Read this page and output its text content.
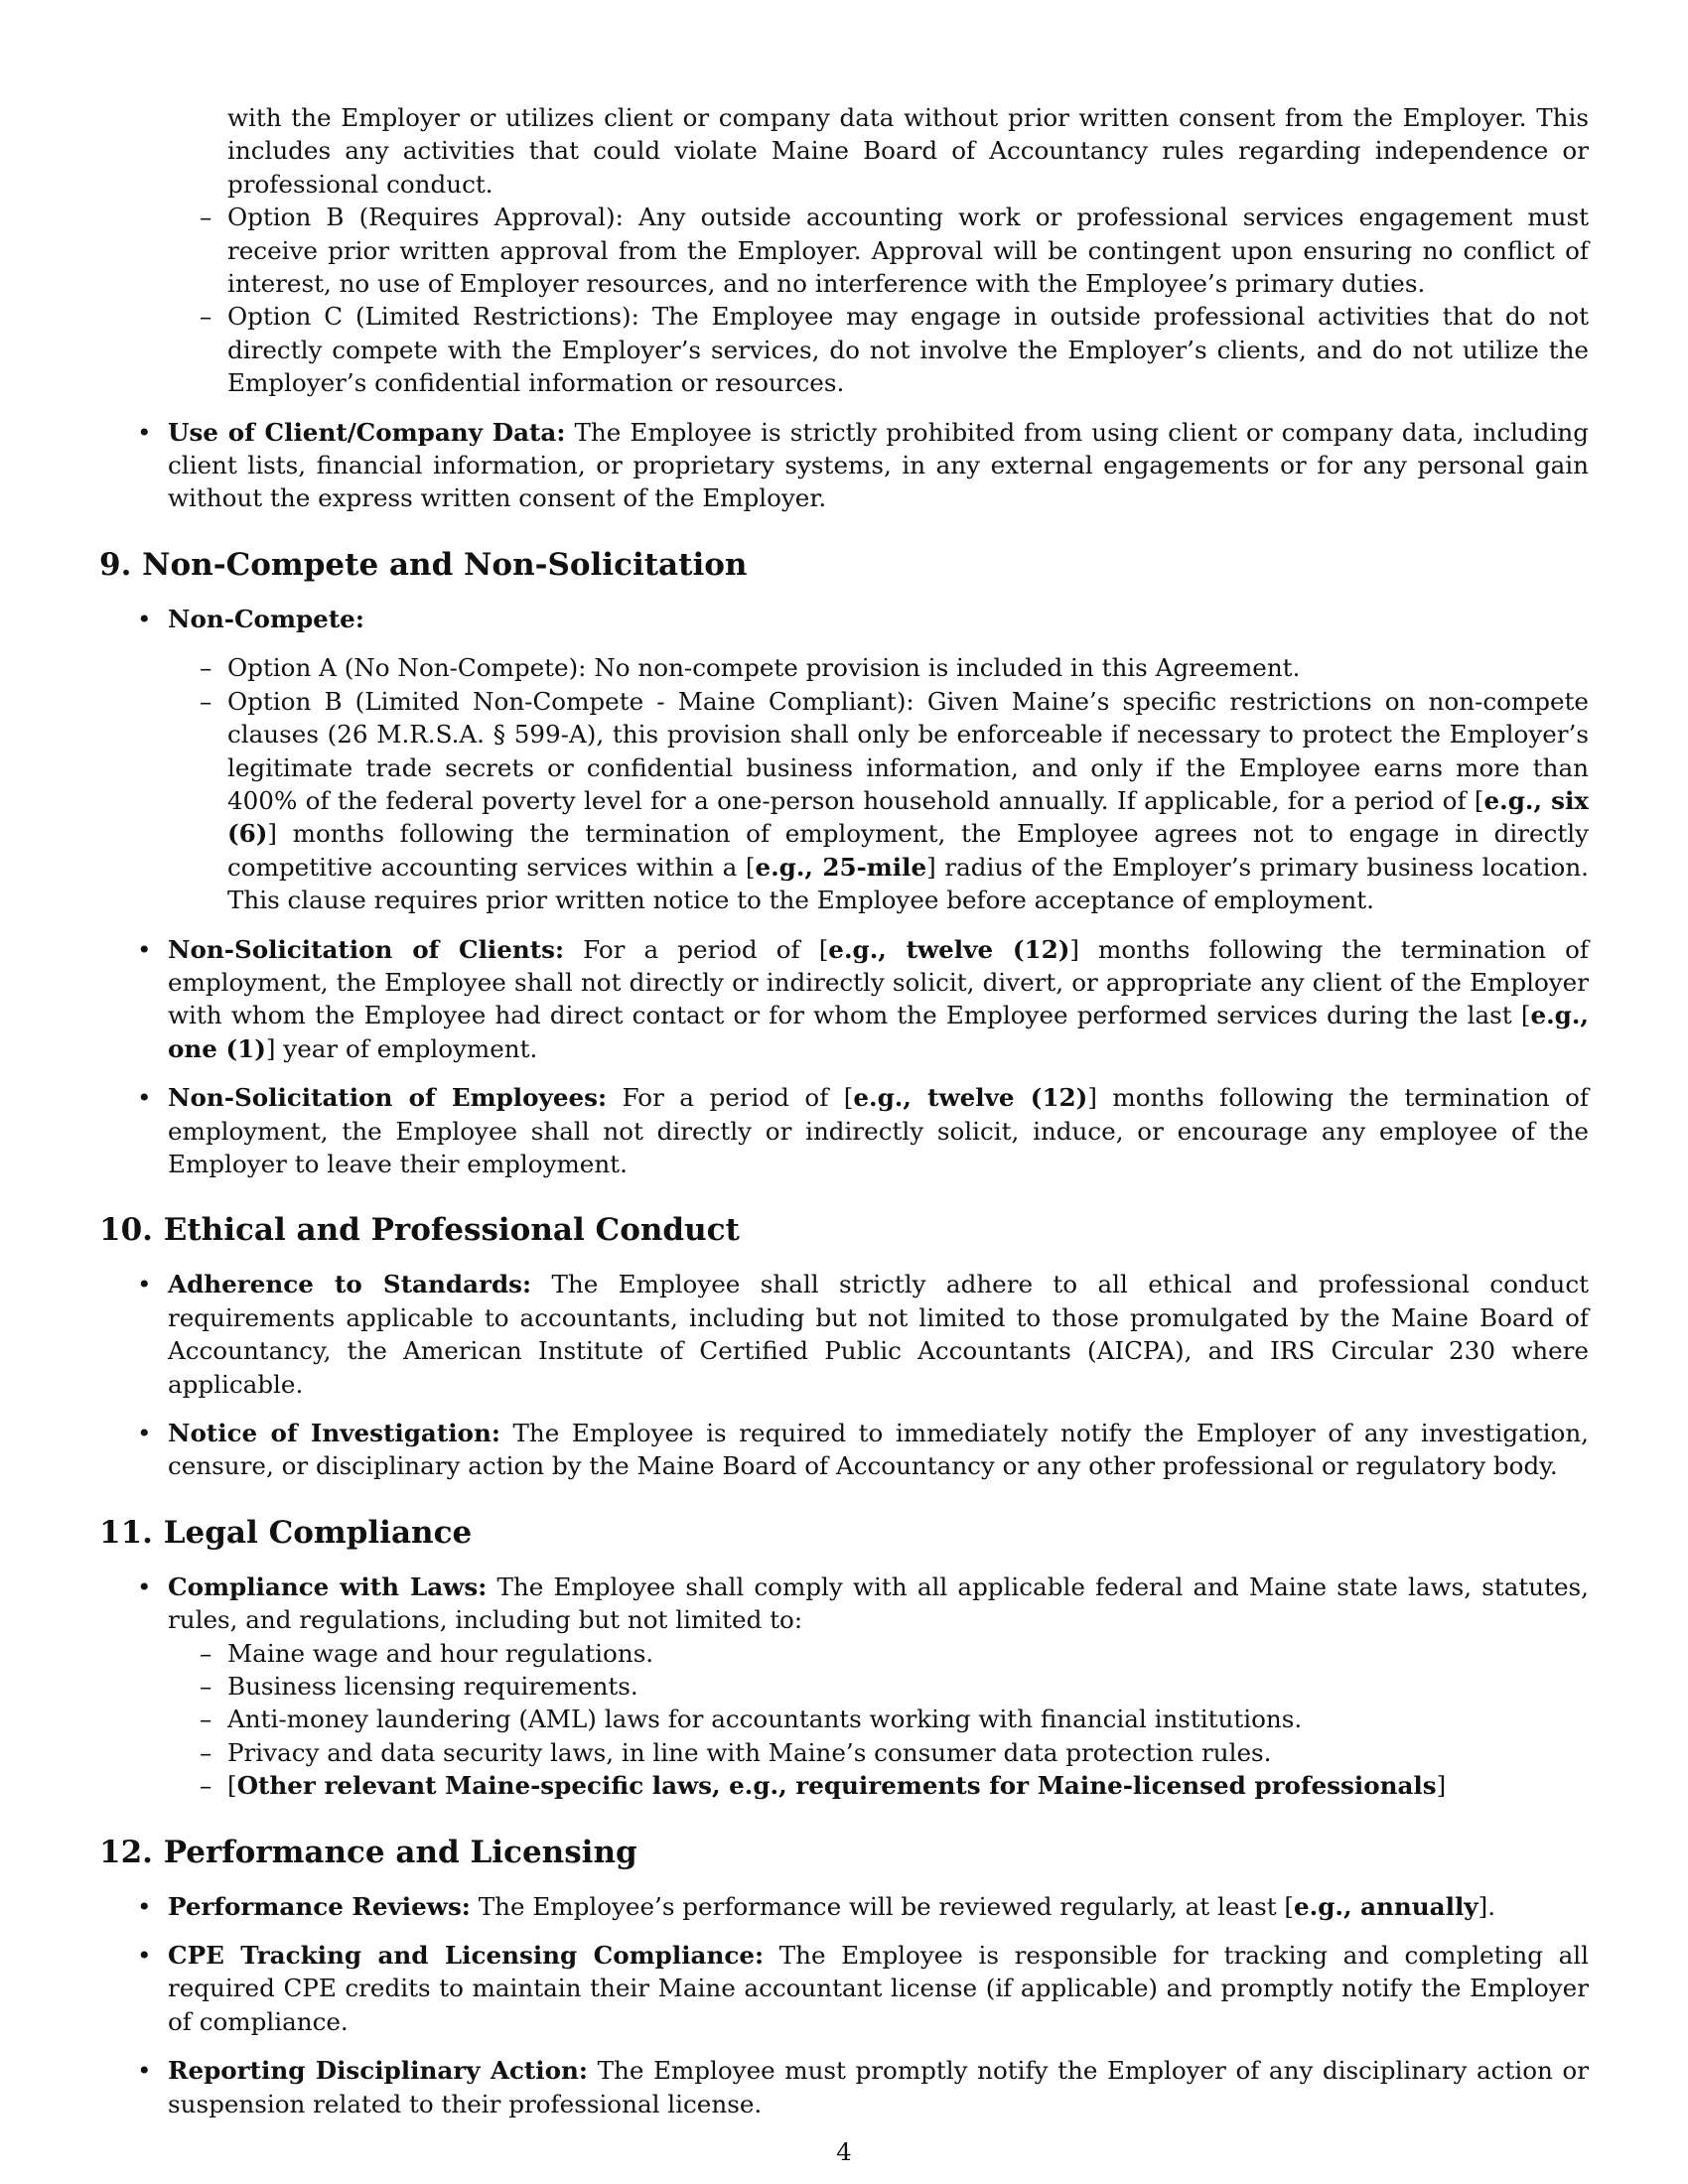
with the Employer or utilizes client or company data without prior written consent from the Employer. This includes any activities that could violate Maine Board of Accountancy rules regarding independence or professional conduct.

– Option B (Requires Approval): Any outside accounting work or professional services engagement must receive prior written approval from the Employer. Approval will be contingent upon ensuring no conflict of interest, no use of Employer resources, and no interference with the Employee’s primary duties.
– Option C (Limited Restrictions): The Employee may engage in outside professional activities that do not directly compete with the Employer’s services, do not involve the Employer’s clients, and do not utilize the Employer’s confidential information or resources.
• Use of Client/Company Data: The Employee is strictly prohibited from using client or company data, including client lists, financial information, or proprietary systems, in any external engagements or for any personal gain without the express written consent of the Employer.
9. Non-Compete and Non-Solicitation
• Non-Compete:
– Option A (No Non-Compete): No non-compete provision is included in this Agreement.
– Option B (Limited Non-Compete - Maine Compliant): Given Maine’s specific restrictions on non-compete clauses (26 M.R.S.A. § 599-A), this provision shall only be enforceable if necessary to protect the Employer’s legitimate trade secrets or confidential business information, and only if the Employee earns more than 400% of the federal poverty level for a one-person household annually. If applicable, for a period of [e.g., six (6)] months following the termination of employment, the Employee agrees not to engage in directly competitive accounting services within a [e.g., 25-mile] radius of the Employer’s primary business location. This clause requires prior written notice to the Employee before acceptance of employment.
• Non-Solicitation of Clients: For a period of [e.g., twelve (12)] months following the termination of employment, the Employee shall not directly or indirectly solicit, divert, or appropriate any client of the Employer with whom the Employee had direct contact or for whom the Employee performed services during the last [e.g., one (1)] year of employment.
• Non-Solicitation of Employees: For a period of [e.g., twelve (12)] months following the termination of employment, the Employee shall not directly or indirectly solicit, induce, or encourage any employee of the Employer to leave their employment.
10. Ethical and Professional Conduct
• Adherence to Standards: The Employee shall strictly adhere to all ethical and professional conduct requirements applicable to accountants, including but not limited to those promulgated by the Maine Board of Accountancy, the American Institute of Certified Public Accountants (AICPA), and IRS Circular 230 where applicable.
• Notice of Investigation: The Employee is required to immediately notify the Employer of any investigation, censure, or disciplinary action by the Maine Board of Accountancy or any other professional or regulatory body.
11. Legal Compliance
• Compliance with Laws: The Employee shall comply with all applicable federal and Maine state laws, statutes, rules, and regulations, including but not limited to:
– Maine wage and hour regulations.
– Business licensing requirements.
– Anti-money laundering (AML) laws for accountants working with financial institutions.
– Privacy and data security laws, in line with Maine’s consumer data protection rules.
– [Other relevant Maine-specific laws, e.g., requirements for Maine-licensed professionals]
12. Performance and Licensing
• Performance Reviews: The Employee’s performance will be reviewed regularly, at least [e.g., annually].
• CPE Tracking and Licensing Compliance: The Employee is responsible for tracking and completing all required CPE credits to maintain their Maine accountant license (if applicable) and promptly notify the Employer of compliance.
• Reporting Disciplinary Action: The Employee must promptly notify the Employer of any disciplinary action or suspension related to their professional license.
4
